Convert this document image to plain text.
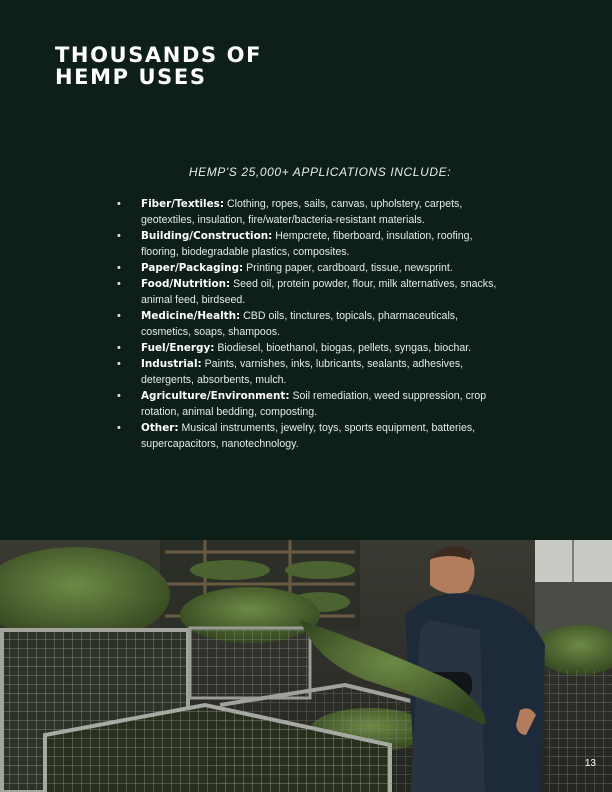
THOUSANDS OF
HEMP USES

HEMP'S 25,000+ APPLICATIONS INCLUDE:

• Fiber/Textiles: Clothing, ropes, sails, canvas, upholstery, carpets, geotextiles, insulation, fire/water/bacteria-resistant materials.
• Building/Construction: Hempcrete, fiberboard, insulation, roofing, flooring, biodegradable plastics, composites.
• Paper/Packaging: Printing paper, cardboard, tissue, newsprint.
• Food/Nutrition: Seed oil, protein powder, flour, milk alternatives, snacks, animal feed, birdseed.
• Medicine/Health: CBD oils, tinctures, topicals, pharmaceuticals, cosmetics, soaps, shampoos.
• Fuel/Energy: Biodiesel, bioethanol, biogas, pellets, syngas, biochar.
• Industrial: Paints, varnishes, inks, lubricants, sealants, adhesives, detergents, absorbents, mulch.
• Agriculture/Environment: Soil remediation, weed suppression, crop rotation, animal bedding, composting.
• Other: Musical instruments, jewelry, toys, sports equipment, batteries, supercapacitors, nanotechnology.
13
